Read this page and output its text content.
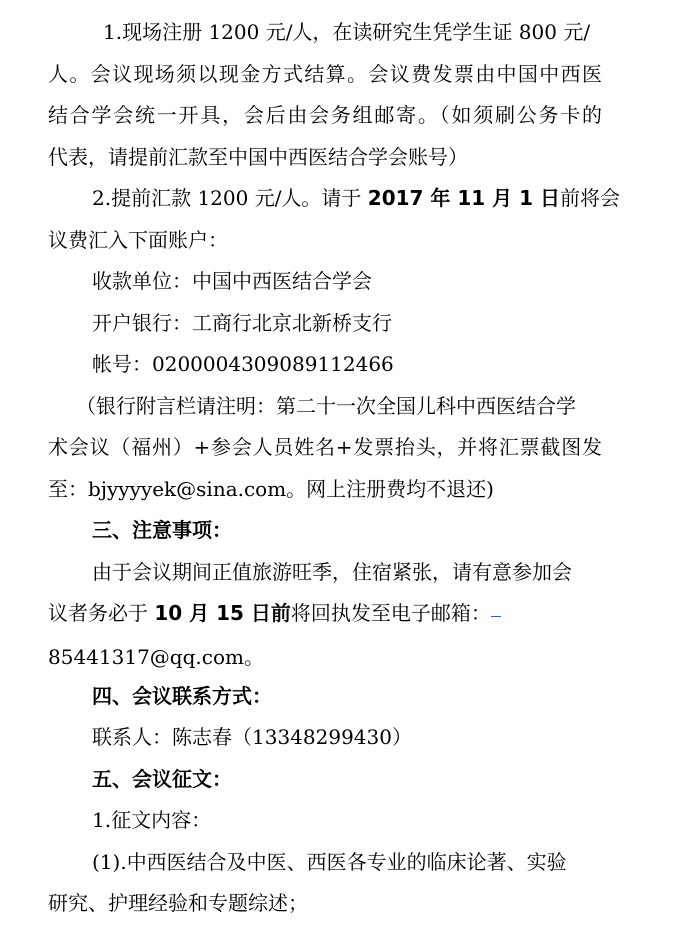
1.现场注册 1200 元/人，在读研究生凭学生证 800 元/
人。会议现场须以现金方式结算。会议费发票由中国中西医
结合学会统一开具，会后由会务组邮寄。（如须刷公务卡的
代表，请提前汇款至中国中西医结合学会账号）
2.提前汇款 1200 元/人。请于 2017 年 11 月 1 日前将会
议费汇入下面账户：
收款单位：中国中西医结合学会
开户银行：工商行北京北新桥支行
帐号：0200004309089112466
（银行附言栏请注明：第二十一次全国儿科中西医结合学
术会议（福州）+参会人员姓名+发票抬头，并将汇票截图发
至：bjyyyyek@sina.com。网上注册费均不退还)
三、注意事项：
由于会议期间正值旅游旺季，住宿紧张，请有意参加会
议者务必于 10 月 15 日前将回执发至电子邮箱：
85441317@qq.com。
四、会议联系方式：
联系人：陈志春（13348299430）
五、会议征文：
1.征文内容：
(1).中西医结合及中医、西医各专业的临床论著、实验
研究、护理经验和专题综述；
